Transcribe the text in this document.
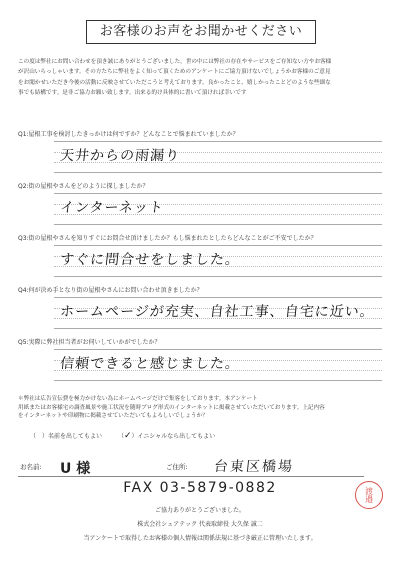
お客様のお声をお聞かせください
この度は弊社にお問い合わせを頂き誠にありがとうございました。世の中には弊社の存在やサービスをご存知ない方やお客様
が沢山いらっしゃいます。その方たちに弊社をよく知って頂くためのアンケートにご協力頂けないでしょうかお客様のご意見
をお聞かせいただき今後の活動に反映させていただこうと考えております。良かったこと、嬉しかったことどのような些細な
事でも結構です。是非ご協力お願い致します。出来る的け具体的に書いて頂ければ幸いです
Q1:屋根工事を検討したきっかけは何ですか？どんなことで悩まれていましたか？
天井からの雨漏り
Q2:街の屋根やさんをどのように探しましたか？
インターネット
Q3:街の屋根やさんを知りすぐにお問合せ頂けましたか？もし悩まれたとしたらどんなことがご不安でしたか？
すぐに問合せをしました。
Q4:何が決め手となり街の屋根やさんにお問い合わせ頂きましたか？
ホームページが充実、自社工事、自宅に近い。
Q5:実際に弊社担当者がお伺いしていかがでしたか？
信頼できると感じました。
＊弊社は広告宣伝費を極力かけない為にホームページだけで集客をしております。本アンケート
用紙またはお客様宅の調査風景や施工状況を随時ブログ形式のインターネットに掲載させていただいております。上記内容
をインターネットや印刷物に掲載させていただいてもよろしいでしょうか？
（　）名前を出してもよい	（✓）イニシャルなら出してもよい
お名前: U 様	ご住所: 台東区橋場
渡邉
FAX 03-5879-0882
ご協力ありがとうございました。
株式会社シェアテック 代表取締役 大久保 誠二
当アンケートで取得したお客様の個人情報は関係法規に基づき厳正に管理いたします。
